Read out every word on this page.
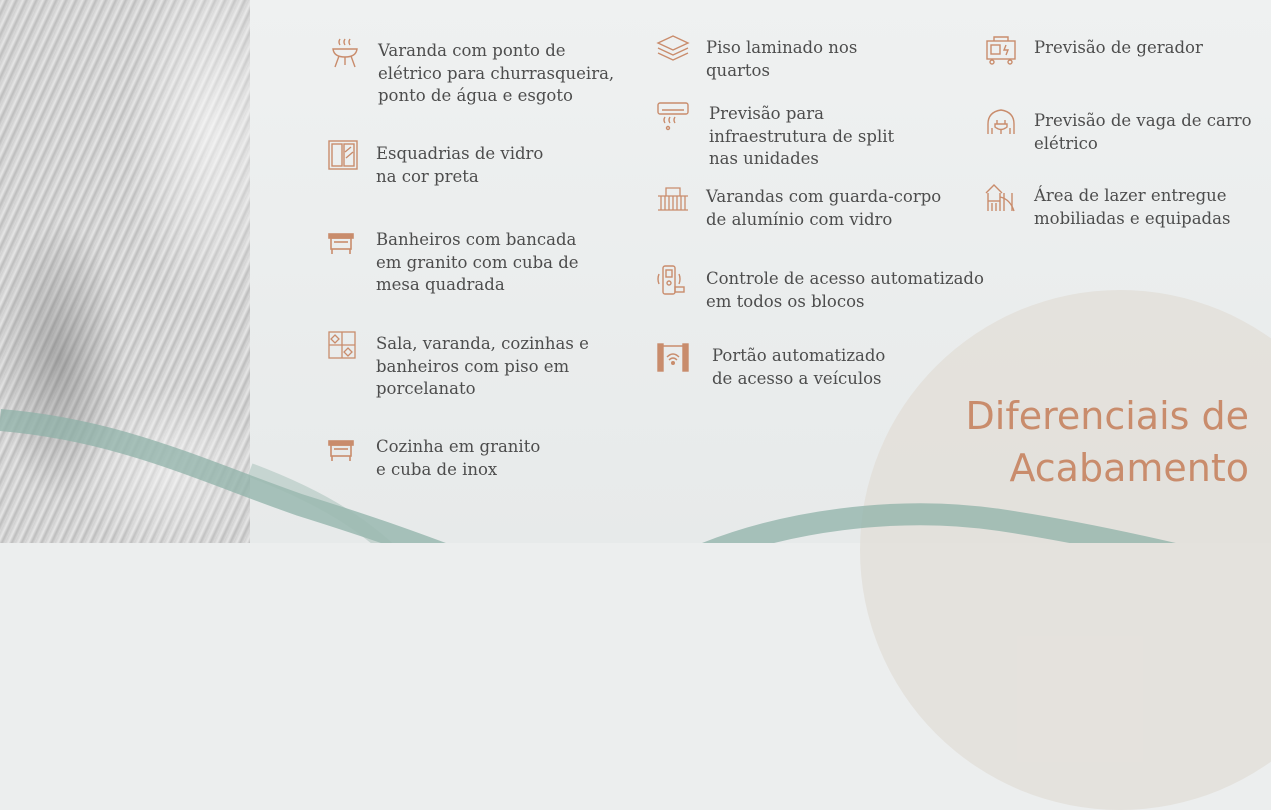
Varanda com ponto de
elétrico para churrasqueira,
ponto de água e esgoto
Esquadrias de vidro
na cor preta
Banheiros com bancada
em granito com cuba de
mesa quadrada
Sala, varanda, cozinhas e
banheiros com piso em
porcelanato
Cozinha em granito
e cuba de inox
Piso laminado nos
quartos
Previsão para
infraestrutura de split
nas unidades
Varandas com guarda-corpo
de alumínio com vidro
Controle de acesso automatizado
em todos os blocos
Portão automatizado
de acesso a veículos
Previsão de gerador
Previsão de vaga de carro
elétrico
Área de lazer entregue
mobiliadas e equipadas
Diferenciais de
Acabamento
